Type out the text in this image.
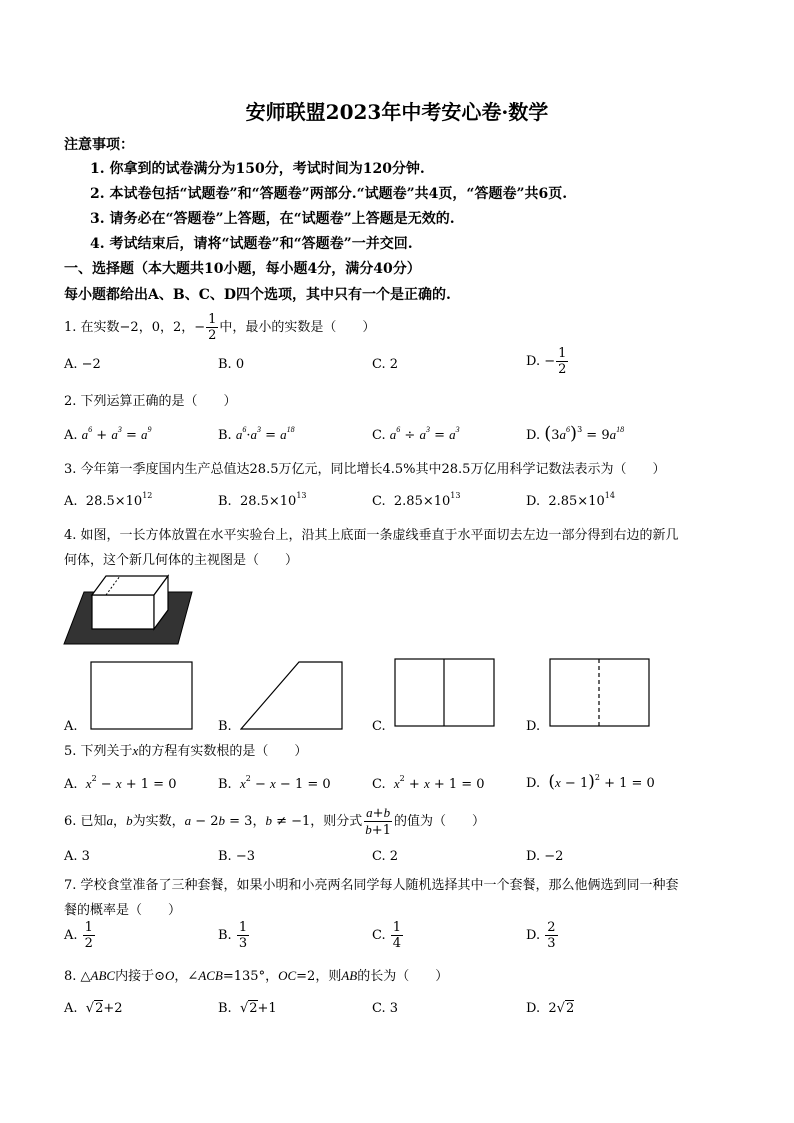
安师联盟2023年中考安心卷·数学
注意事项：
1. 你拿到的试卷满分为150分，考试时间为120分钟.
2. 本试卷包括“试题卷”和“答题卷”两部分.“试题卷”共4页，“答题卷”共6页.
3. 请务必在“答题卷”上答题，在“试题卷”上答题是无效的.
4. 考试结束后，请将“试题卷”和“答题卷”一并交回.
一、选择题（本大题共10小题，每小题4分，满分40分）
每小题都给出A、B、C、D四个选项，其中只有一个是正确的.
1. 在实数−2，0，2，− $\frac{1}{2}$ 中，最小的实数是（　　）
A. −2	B. 0	C. 2	D. − $\frac{1}{2}$
2. 下列运算正确的是（　　）
A. $a^6 + a^3 = a^9$	B. $a^6\cdot a^3 = a^{18}$	C. $a^6 \div a^3 = a^3$	D. $(3a^6)^3 = 9a^{18}$
3. 今年第一季度国内生产总值达28.5万亿元，同比增长4.5%其中28.5万亿用科学记数法表示为（　　）
A. $28.5\times 10^{12}$	B. $28.5\times 10^{13}$	C. $2.85\times 10^{13}$	D. $2.85\times 10^{14}$
4. 如图，一长方体放置在水平实验台上，沿其上底面一条虚线垂直于水平面切去左边一部分得到右边的新几
何体，这个新几何体的主视图是（　　）
A.	B.	C.	D.
5. 下列关于x的方程有实数根的是（　　）
A. $x^2 - x + 1 = 0$	B. $x^2 - x - 1 = 0$	C. $x^2 + x + 1 = 0$	D. $(x - 1)^2 + 1 = 0$
6. 已知a，b为实数，a − 2b = 3，b ≠ −1，则分式 $\frac{a+b}{b+1}$ 的值为（　　）
A. 3	B. −3	C. 2	D. −2
7. 学校食堂准备了三种套餐，如果小明和小亮两名同学每人随机选择其中一个套餐，那么他俩选到同一种套
餐的概率是（　　）
A. $\frac{1}{2}$	B. $\frac{1}{3}$	C. $\frac{1}{4}$	D. $\frac{2}{3}$
8. △ABC内接于⊙O，∠ACB=135°，OC=2，则AB的长为（　　）
A.  √2+2	B.  √2+1	C. 3	D. 2√2
